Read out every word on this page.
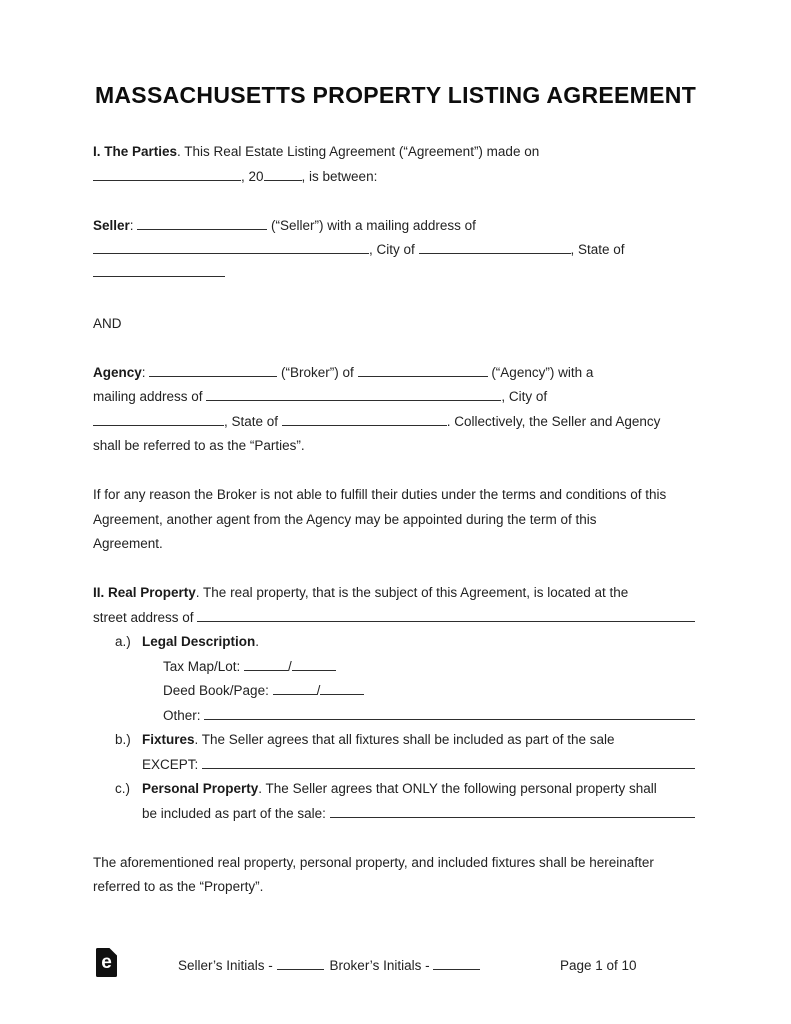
MASSACHUSETTS PROPERTY LISTING AGREEMENT
I. The Parties . This Real Estate Listing Agreement (“Agreement”) made on
, 20	, is between:
Seller :	(“Seller”) with a mailing address of
, City of	, State of
AND
Agency :	(“Broker”) of	(“Agency”) with a
mailing address of	, City of
, State of	. Collectively, the Seller and Agency
shall be referred to as the “Parties”.
If for any reason the Broker is not able to fulfill their duties under the terms and conditions of this
Agreement, another agent from the Agency may be appointed during the term of this
Agreement.
II. Real Property . The real property, that is the subject of this Agreement, is located at the
street address of
a.) Legal Description .
Tax Map/Lot:	/
Deed Book/Page:	/
Other:
b.) Fixtures . The Seller agrees that all fixtures shall be included as part of the sale
EXCEPT:
c.) Personal Property . The Seller agrees that ONLY the following personal property shall
be included as part of the sale:
The aforementioned real property, personal property, and included fixtures shall be hereinafter
referred to as the “Property”.
e	Seller’s Initials -	Broker’s Initials -	Page 1 of 10
